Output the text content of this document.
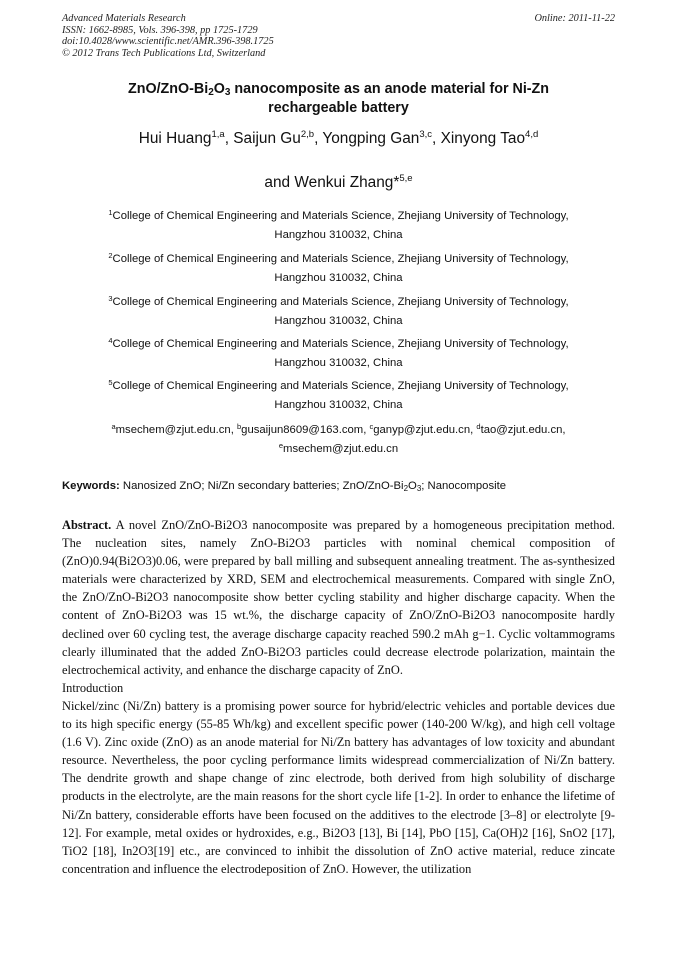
Advanced Materials Research
ISSN: 1662-8985, Vols. 396-398, pp 1725-1729
doi:10.4028/www.scientific.net/AMR.396-398.1725
© 2012 Trans Tech Publications Ltd, Switzerland
Online: 2011-11-22
ZnO/$ZnO-Bi_2O_3$ nanocomposite as an anode material for Ni-Zn
rechargeable battery
Hui Huang$^{1,a}$, Saijun Gu$^{2,b}$, Yongping Gan$^{3,c}$, Xinyong Tao$^{4,d}$
and Wenkui Zhang*$^{5,e}$
$^1$College of Chemical Engineering and Materials Science, Zhejiang University of Technology,
Hangzhou 310032, China
$^2$College of Chemical Engineering and Materials Science, Zhejiang University of Technology,
Hangzhou 310032, China
$^3$College of Chemical Engineering and Materials Science, Zhejiang University of Technology,
Hangzhou 310032, China
$^4$College of Chemical Engineering and Materials Science, Zhejiang University of Technology,
Hangzhou 310032, China
$^5$College of Chemical Engineering and Materials Science, Zhejiang University of Technology,
Hangzhou 310032, China
$^a$msechem@zjut.edu.cn, $^b$gusaijun8609@163.com, $^c$ganyp@zjut.edu.cn, $^d$tao@zjut.edu.cn,
$^e$msechem@zjut.edu.cn
Keywords: Nanosized ZnO; Ni/Zn secondary batteries; ZnO/$ZnO-Bi_2O_3$; Nanocomposite

Abstract. A novel ZnO/ZnO-Bi2O3 nanocomposite was prepared by a homogeneous precipitation method. The nucleation sites, namely ZnO-Bi2O3 particles with nominal chemical composition of (ZnO)0.94(Bi2O3)0.06, were prepared by ball milling and subsequent annealing treatment. The as-synthesized materials were characterized by XRD, SEM and electrochemical measurements. Compared with single ZnO, the ZnO/ZnO-Bi2O3 nanocomposite show better cycling stability and higher discharge capacity. When the content of ZnO-Bi2O3 was 15 wt.%, the discharge capacity of ZnO/ZnO-Bi2O3 nanocomposite hardly declined over 60 cycling test, the average discharge capacity reached 590.2 mAh g−1. Cyclic voltammograms clearly illuminated that the added ZnO-Bi2O3 particles could decrease electrode polarization, maintain the electrochemical activity, and enhance the discharge capacity of ZnO.

Introduction

Nickel/zinc (Ni/Zn) battery is a promising power source for hybrid/electric vehicles and portable devices due to its high specific energy (55-85 Wh/kg) and excellent specific power (140-200 W/kg), and high cell voltage (1.6 V). Zinc oxide (ZnO) as an anode material for Ni/Zn battery has advantages of low toxicity and abundant resource. Nevertheless, the poor cycling performance limits widespread commercialization of Ni/Zn battery. The dendrite growth and shape change of zinc electrode, both derived from high solubility of discharge products in the electrolyte, are the main reasons for the short cycle life [1-2]. In order to enhance the lifetime of Ni/Zn battery, considerable efforts have been focused on the additives to the electrode [3–8] or electrolyte [9-12]. For example, metal oxides or hydroxides, e.g., Bi2O3 [13], Bi [14], PbO [15], Ca(OH)2 [16], SnO2 [17], TiO2 [18], In2O3[19] etc., are convinced to inhibit the dissolution of ZnO active material, reduce zincate concentration and influence the electrodeposition of ZnO. However, the utilization
